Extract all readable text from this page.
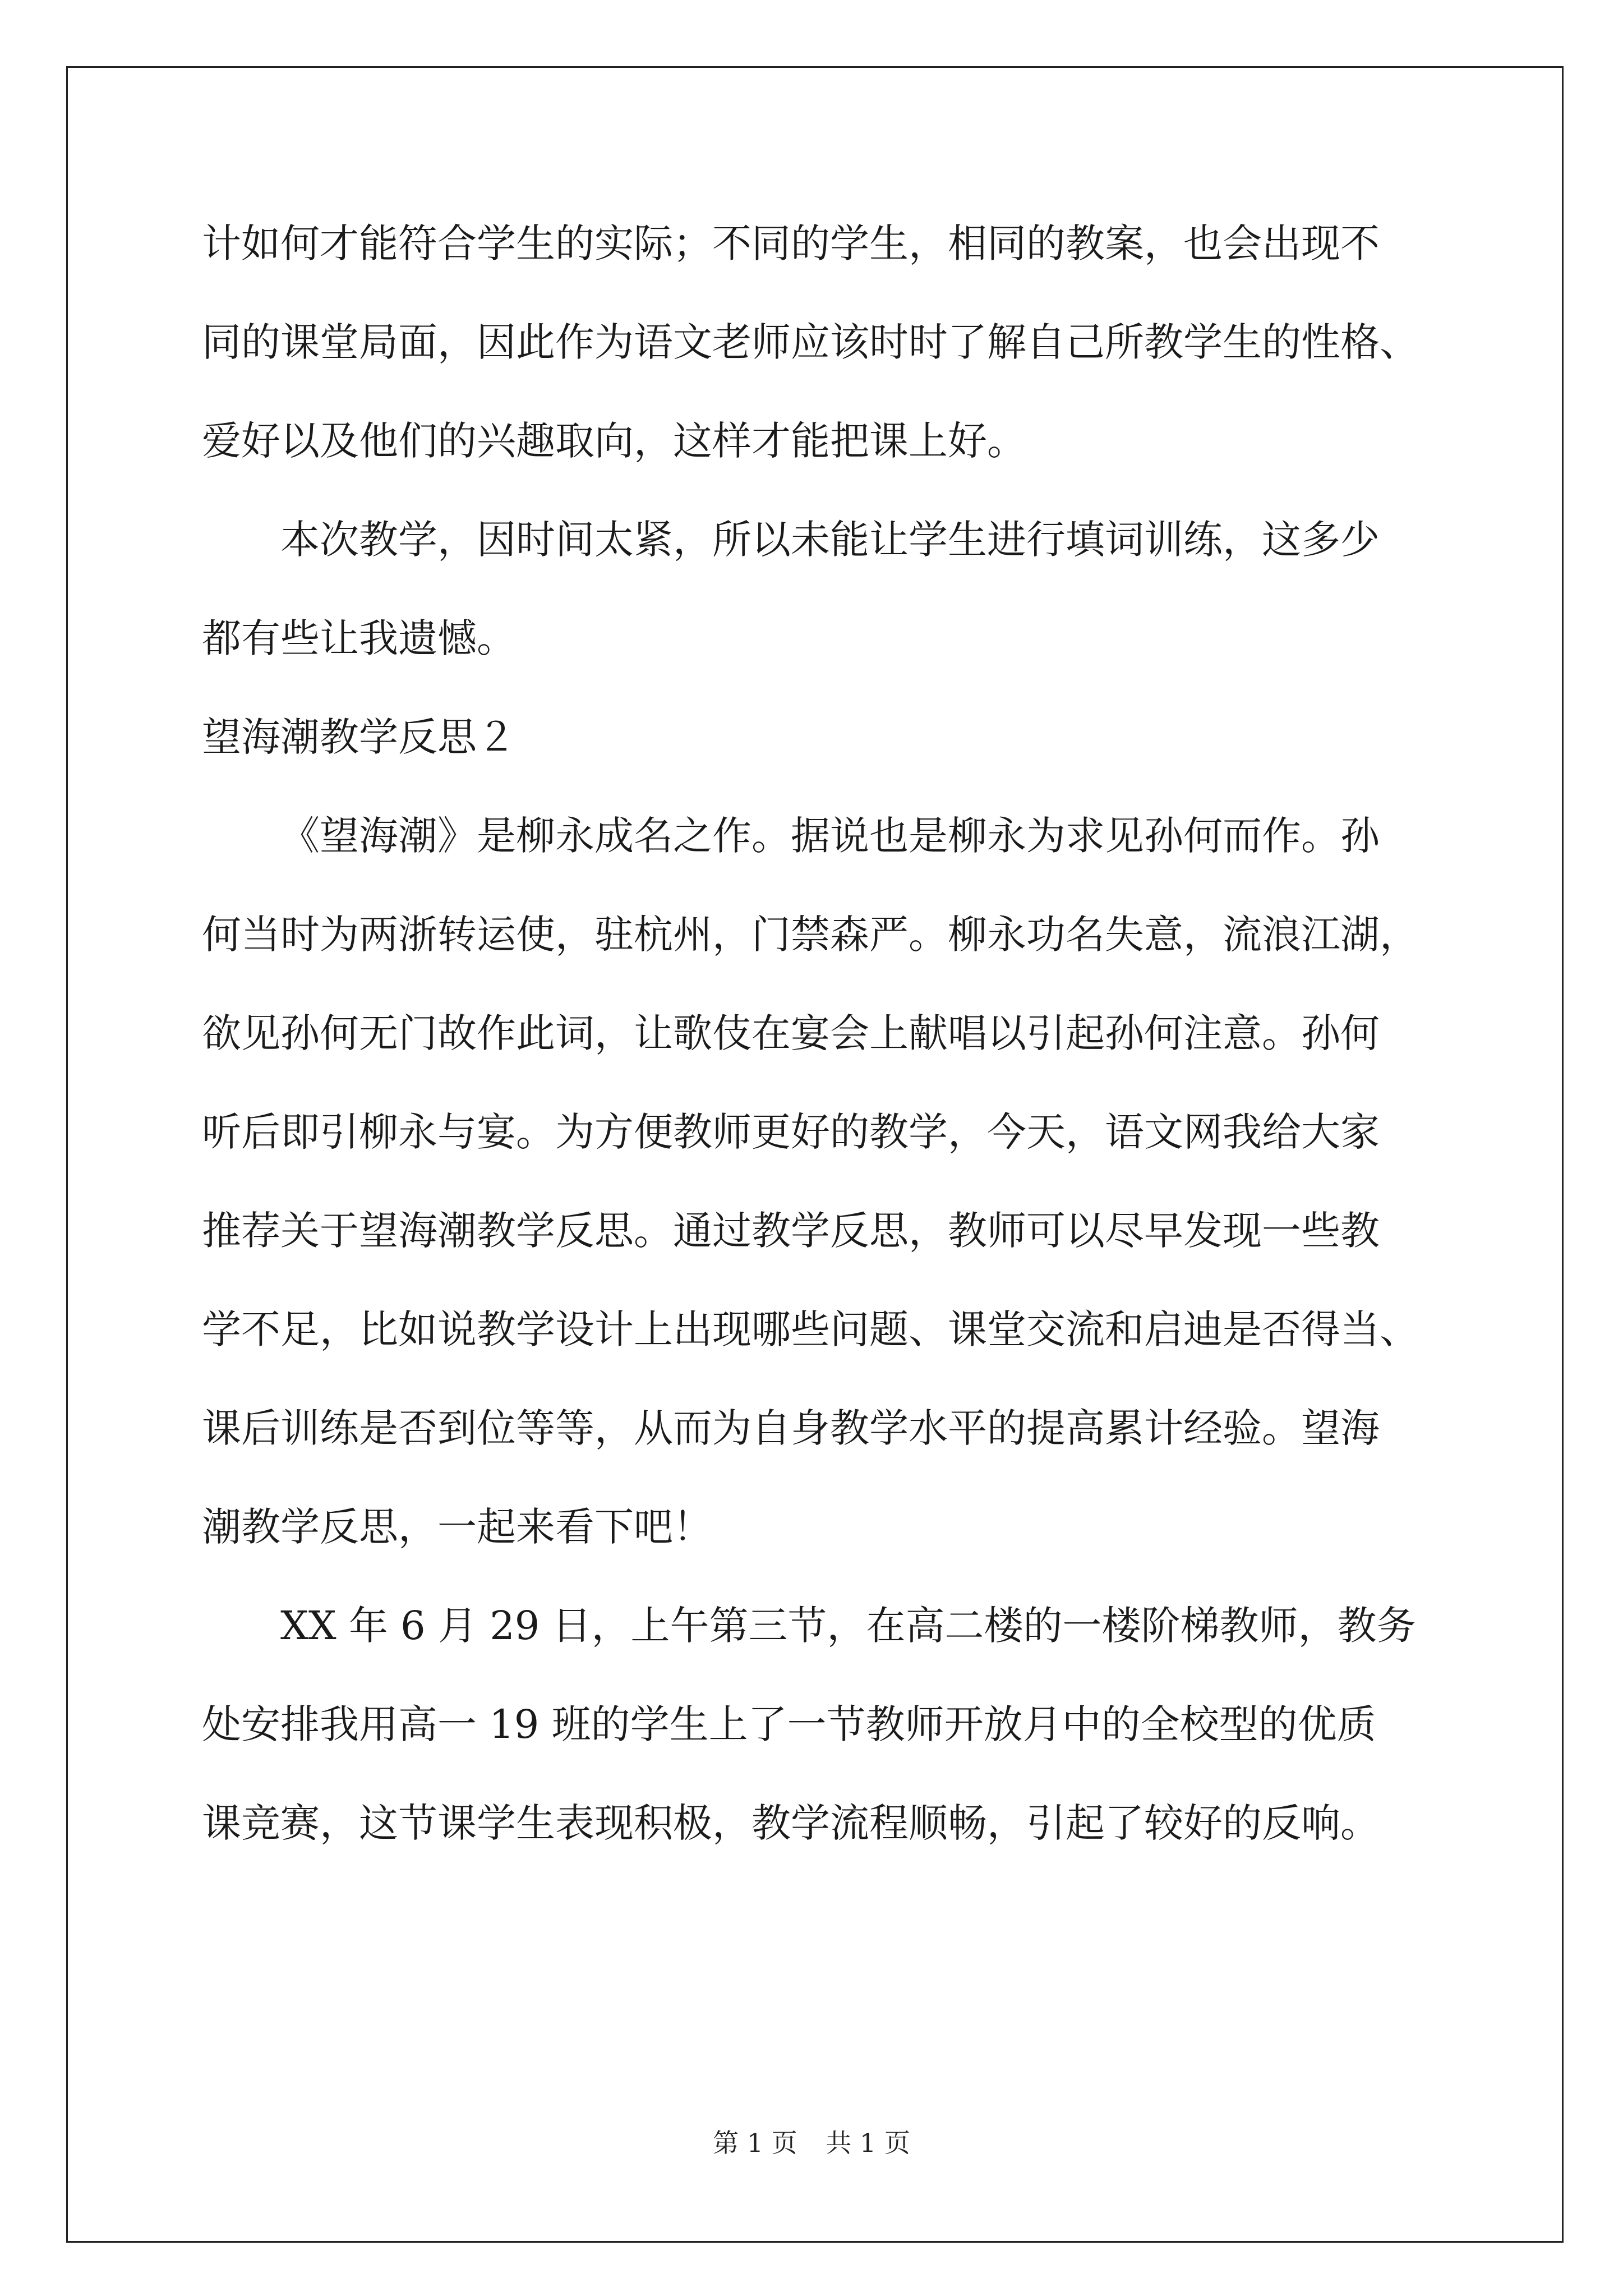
计如何才能符合学生的实际；不同的学生，相同的教案，也会出现不

同的课堂局面，因此作为语文老师应该时时了解自己所教学生的性格、

爱好以及他们的兴趣取向，这样才能把课上好。

本次教学，因时间太紧，所以未能让学生进行填词训练，这多少

都有些让我遗憾。

望海潮教学反思２

《望海潮》是柳永成名之作。据说也是柳永为求见孙何而作。孙

何当时为两浙转运使，驻杭州，门禁森严。柳永功名失意，流浪江湖，

欲见孙何无门故作此词，让歌伎在宴会上献唱以引起孙何注意。孙何

听后即引柳永与宴。为方便教师更好的教学，今天，语文网我给大家

推荐关于望海潮教学反思。通过教学反思，教师可以尽早发现一些教

学不足，比如说教学设计上出现哪些问题、课堂交流和启迪是否得当、

课后训练是否到位等等，从而为自身教学水平的提高累计经验。望海

潮教学反思，一起来看下吧！

XX 年 6 月 29 日，上午第三节，在高二楼的一楼阶梯教师，教务

处安排我用高一 19 班的学生上了一节教师开放月中的全校型的优质

课竞赛，这节课学生表现积极，教学流程顺畅，引起了较好的反响。

第 1 页 共 1 页
